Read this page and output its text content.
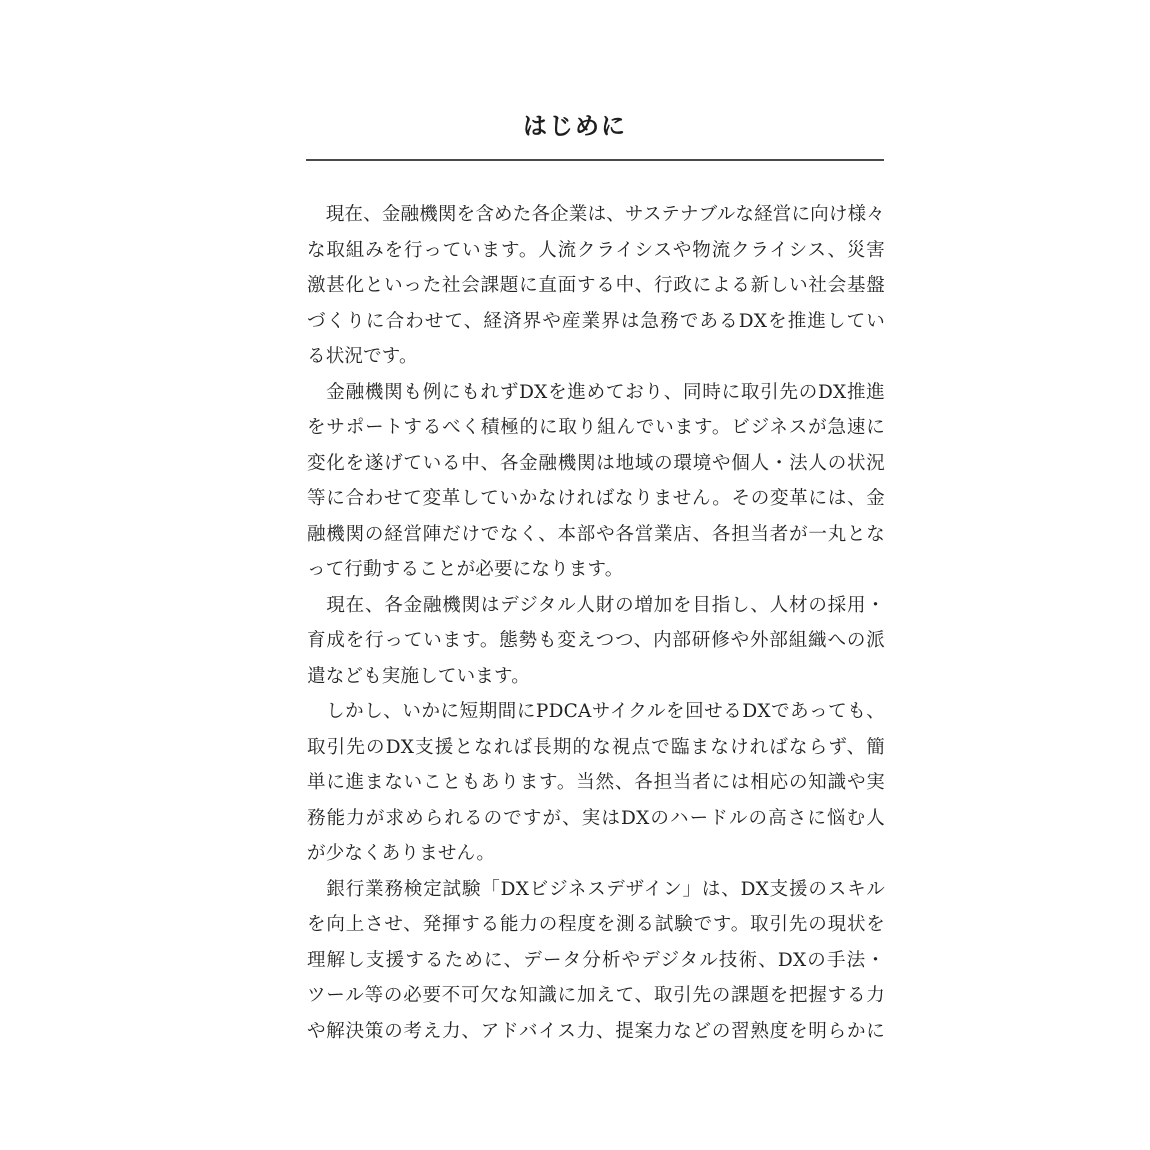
はじめに
　現在、金融機関を含めた各企業は、サステナブルな経営に向け様々
な取組みを行っています。人流クライシスや物流クライシス、災害
激甚化といった社会課題に直面する中、行政による新しい社会基盤
づくりに合わせて、経済界や産業界は急務であるDXを推進してい
る状況です。
　金融機関も例にもれずDXを進めており、同時に取引先のDX推進
をサポートするべく積極的に取り組んでいます。ビジネスが急速に
変化を遂げている中、各金融機関は地域の環境や個人・法人の状況
等に合わせて変革していかなければなりません。その変革には、金
融機関の経営陣だけでなく、本部や各営業店、各担当者が一丸とな
って行動することが必要になります。
　現在、各金融機関はデジタル人財の増加を目指し、人材の採用・
育成を行っています。態勢も変えつつ、内部研修や外部組織への派
遣なども実施しています。
　しかし、いかに短期間にPDCAサイクルを回せるDXであっても、
取引先のDX支援となれば長期的な視点で臨まなければならず、簡
単に進まないこともあります。当然、各担当者には相応の知識や実
務能力が求められるのですが、実はDXのハードルの高さに悩む人
が少なくありません。
　銀行業務検定試験「DXビジネスデザイン」は、DX支援のスキル
を向上させ、発揮する能力の程度を測る試験です。取引先の現状を
理解し支援するために、データ分析やデジタル技術、DXの手法・
ツール等の必要不可欠な知識に加えて、取引先の課題を把握する力
や解決策の考え力、アドバイス力、提案力などの習熟度を明らかに
